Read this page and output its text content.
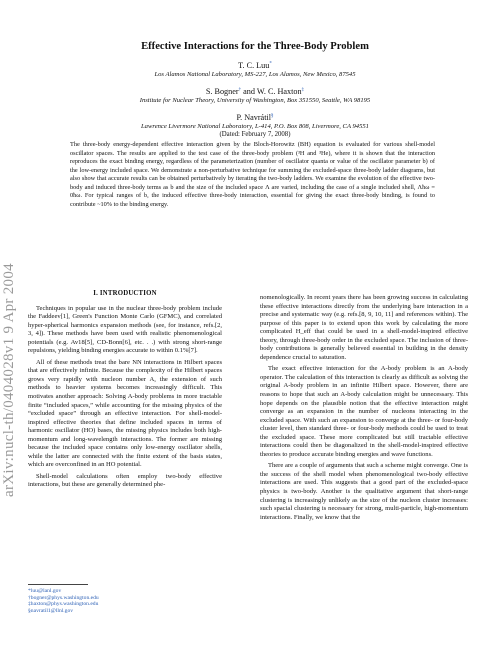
arXiv:nucl-th/0404028v1 9 Apr 2004
Effective Interactions for the Three-Body Problem
T. C. Luu*
Los Alamos National Laboratory, MS-227, Los Alamos, New Mexico, 87545
S. Bogner† and W. C. Haxton‡
Institute for Nuclear Theory, University of Washington, Box 351550, Seattle, WA 98195
P. Navrátil§
Lawrence Livermore National Laboratory, L-414, P.O. Box 808, Livermore, CA 94551
(Dated: February 7, 2008)
The three-body energy-dependent effective interaction given by the Bloch-Horowitz (BH) equation is evaluated for various shell-model oscillator spaces. The results are applied to the test case of the three-body problem (³H and ³He), where it is shown that the interaction reproduces the exact binding energy, regardless of the parameterization (number of oscillator quanta or value of the oscillator parameter b) of the low-energy included space. We demonstrate a non-perturbative technique for summing the excluded-space three-body ladder diagrams, but also show that accurate results can be obtained perturbatively by iterating the two-body ladders. We examine the evolution of the effective two-body and induced three-body terms as b and the size of the included space Λ are varied, including the case of a single included shell, Λħω = 0ħω. For typical ranges of b, the induced effective three-body interaction, essential for giving the exact three-body binding, is found to contribute ~10% to the binding energy.
I. INTRODUCTION

Techniques in popular use in the nuclear three-body problem include the Faddeev[1], Green's Function Monte Carlo (GFMC), and correlated hyper-spherical harmonics expansion methods (see, for instance, refs.[2, 3, 4]). These methods have been used with realistic phenomenological potentials (e.g. Av18[5], CD-Bonn[6], etc. . .) with strong short-range repulsions, yielding binding energies accurate to within 0.1%[7].

All of these methods treat the bare NN interactions in Hilbert spaces that are effectively infinite. Because the complexity of the Hilbert spaces grows very rapidly with nucleon number A, the extension of such methods to heavier systems becomes increasingly difficult. This motivates another approach: Solving A-body problems in more tractable finite “included spaces,” while accounting for the missing physics of the “excluded space” through an effective interaction. For shell-model-inspired effective theories that define included spaces in terms of harmonic oscillator (HO) bases, the missing physics includes both high-momentum and long-wavelength interactions. The former are missing because the included space contains only low-energy oscillator shells, while the latter are connected with the finite extent of the basis states, which are overconfined in an HO potential.

Shell-model calculations often employ two-body effective interactions, but these are generally determined phe-

nomenologically. In recent years there has been growing success in calculating these effective interactions directly from the underlying bare interaction in a precise and systematic way (e.g. refs.[8, 9, 10, 11] and references within). The purpose of this paper is to extend upon this work by calculating the more complicated H_eff that could be used in a shell-model-inspired effective theory, through three-body order in the excluded space. The inclusion of three-body contributions is generally believed essential in building in the density dependence crucial to saturation.

The exact effective interaction for the A-body problem is an A-body operator. The calculation of this interaction is clearly as difficult as solving the original A-body problem in an infinite Hilbert space. However, there are reasons to hope that such an A-body calculation might be unnecessary. This hope depends on the plausible notion that the effective interaction might converge as an expansion in the number of nucleons interacting in the excluded space. With such an expansion to converge at the three- or four-body cluster level, then standard three- or four-body methods could be used to treat the excluded space. These more complicated but still tractable effective interactions could then be diagonalized in the shell-model-inspired effective theories to produce accurate binding energies and wave functions.

There are a couple of arguments that such a scheme might converge. One is the success of the shell model when phenomenological two-body effective interactions are used. This suggests that a good part of the excluded-space physics is two-body. Another is the qualitative argument that short-range clustering is increasingly unlikely as the size of the nucleon cluster increases: such spacial clustering is necessary for strong, multi-particle, high-momentum interactions. Finally, we know that the

*luu@lanl.gov
†bogner@phys.washington.edu
‡haxton@phys.washington.edu
§navratil1@llnl.gov
